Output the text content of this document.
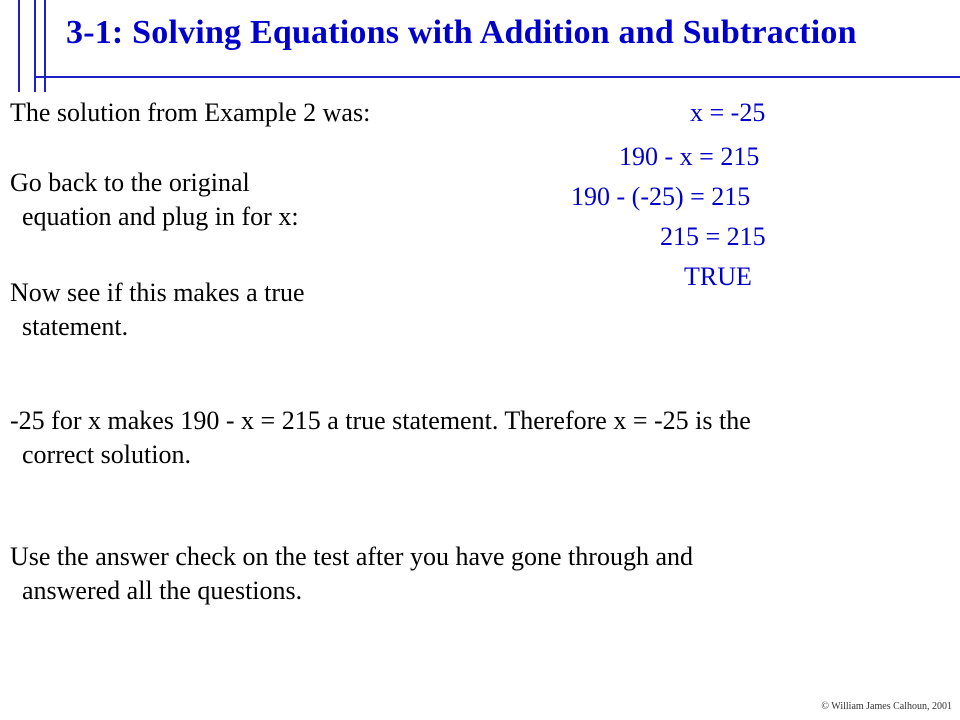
3-1: Solving Equations with Addition and Subtraction
The solution from Example 2 was:	x = -25
190 - x = 215
190 - (-25) = 215
215 = 215
TRUE
Go back to the original
equation and plug in for x:
Now see if this makes a true
statement.
-25 for x makes 190 - x = 215 a true statement. Therefore x = -25 is the
correct solution.
Use the answer check on the test after you have gone through and
answered all the questions.
© William James Calhoun, 2001
